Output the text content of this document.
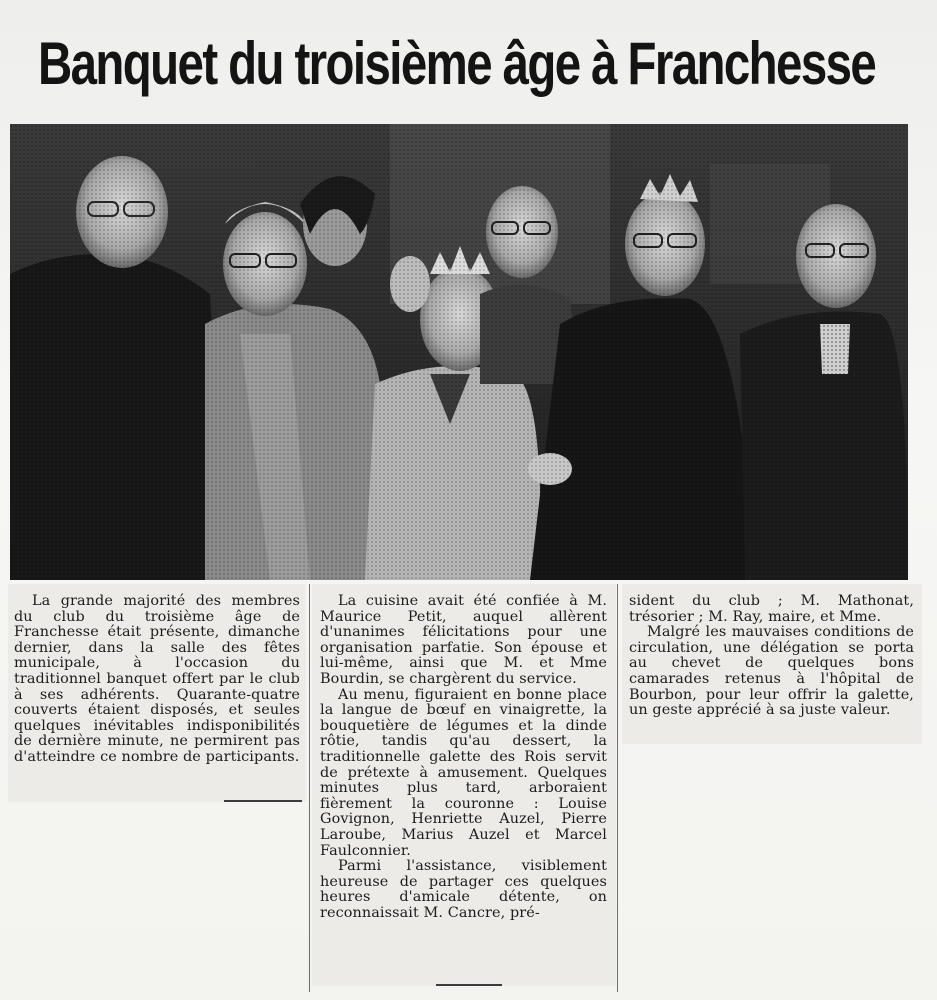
Banquet du troisième âge à Franchesse

La grande majorité des membres du club du troisième âge de Franchesse était présente, dimanche dernier, dans la salle des fêtes municipale, à l'occasion du traditionnel banquet offert par le club à ses adhérents. Quarante-quatre couverts étaient disposés, et seules quelques inévitables indisponibilités de dernière minute, ne permirent pas d'atteindre ce nombre de participants.

La cuisine avait été confiée à M. Maurice Petit, auquel allèrent d'unanimes félicitations pour une organisation parfatie. Son épouse et lui-même, ainsi que M. et Mme Bourdin, se chargèrent du service.

Au menu, figuraient en bonne place la langue de bœuf en vinaigrette, la bouquetière de légumes et la dinde rôtie, tandis qu'au dessert, la traditionnelle galette des Rois servit de prétexte à amusement. Quelques minutes plus tard, arboraient fièrement la couronne : Louise Govignon, Henriette Auzel, Pierre Laroube, Marius Auzel et Marcel Faulconnier.

Parmi l'assistance, visiblement heureuse de partager ces quelques heures d'amicale détente, on reconnaissait M. Cancre, pré-

sident du club ; M. Mathonat, trésorier ; M. Ray, maire, et Mme.

Malgré les mauvaises conditions de circulation, une délégation se porta au chevet de quelques bons camarades retenus à l'hôpital de Bourbon, pour leur offrir la galette, un geste apprécié à sa juste valeur.
